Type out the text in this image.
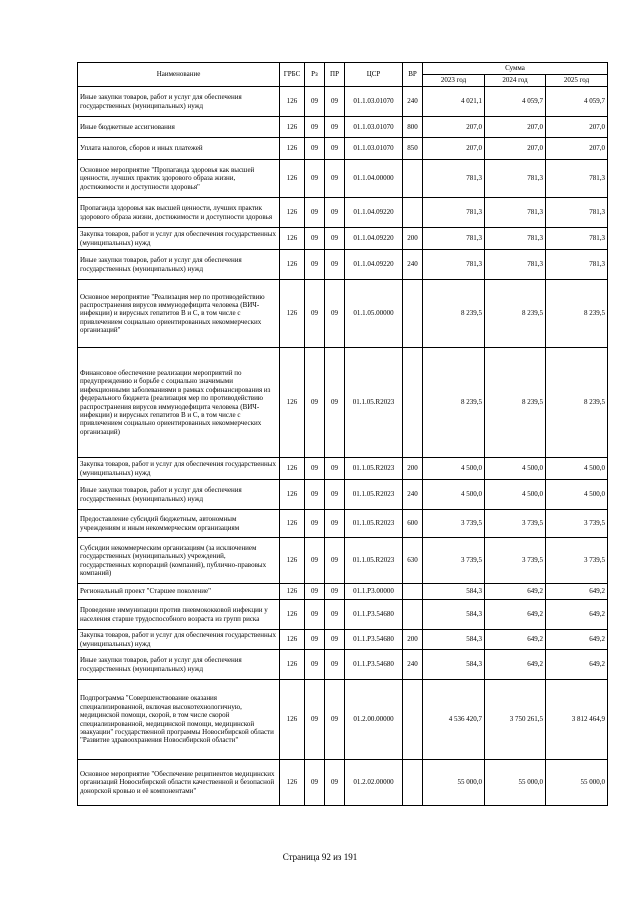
Наименование	ГРБС	Рз	ПР	ЦСР	ВР	Сумма		
						2023 год	2024 год	2025 год
Иные закупки товаров, работ и услуг для обеспечения государственных (муниципальных) нужд	126	09	09	01.1.03.01070	240	4 021,1	4 059,7	4 059,7
Иные бюджетные ассигнования	126	09	09	01.1.03.01070	800	207,0	207,0	207,0
Уплата налогов, сборов и иных платежей	126	09	09	01.1.03.01070	850	207,0	207,0	207,0
Основное мероприятие "Пропаганда здоровья как высшей ценности, лучших практик здорового образа жизни, достижимости и доступности здоровья"	126	09	09	01.1.04.00000		781,3	781,3	781,3
Пропаганда здоровья как высшей ценности, лучших практик здорового образа жизни, достижимости и доступности здоровья	126	09	09	01.1.04.09220		781,3	781,3	781,3
Закупка товаров, работ и услуг для обеспечения государственных (муниципальных) нужд	126	09	09	01.1.04.09220	200	781,3	781,3	781,3
Иные закупки товаров, работ и услуг для обеспечения государственных (муниципальных) нужд	126	09	09	01.1.04.09220	240	781,3	781,3	781,3
Основное мероприятие "Реализация мер по противодействию распространения вирусов иммунодефицита человека (ВИЧ-инфекции) и вирусных гепатитов В и С, в том числе с привлечением социально ориентированных некоммерческих организаций"	126	09	09	01.1.05.00000		8 239,5	8 239,5	8 239,5
Финансовое обеспечение реализации мероприятий по предупреждению и борьбе с социально значимыми инфекционными заболеваниями в рамках софинансирования из федерального бюджета (реализация мер по противодействию распространения вирусов иммунодефицита человека (ВИЧ-инфекции) и вирусных гепатитов В и С, в том числе с привлечением социально ориентированных некоммерческих организаций)	126	09	09	01.1.05.R2023		8 239,5	8 239,5	8 239,5
Закупка товаров, работ и услуг для обеспечения государственных (муниципальных) нужд	126	09	09	01.1.05.R2023	200	4 500,0	4 500,0	4 500,0
Иные закупки товаров, работ и услуг для обеспечения государственных (муниципальных) нужд	126	09	09	01.1.05.R2023	240	4 500,0	4 500,0	4 500,0
Предоставление субсидий бюджетным, автономным учреждениям и иным некоммерческим организациям	126	09	09	01.1.05.R2023	600	3 739,5	3 739,5	3 739,5
Субсидии некоммерческим организациям (за исключением государственных (муниципальных) учреждений, государственных корпораций (компаний), публично-правовых компаний)	126	09	09	01.1.05.R2023	630	3 739,5	3 739,5	3 739,5
Региональный проект "Старшее поколение"	126	09	09	01.1.P3.00000		584,3	649,2	649,2
Проведение иммунизации против пневмококковой инфекции у населения старше трудоспособного возраста из групп риска	126	09	09	01.1.P3.54680		584,3	649,2	649,2
Закупка товаров, работ и услуг для обеспечения государственных (муниципальных) нужд	126	09	09	01.1.P3.54680	200	584,3	649,2	649,2
Иные закупки товаров, работ и услуг для обеспечения государственных (муниципальных) нужд	126	09	09	01.1.P3.54680	240	584,3	649,2	649,2
Подпрограмма "Совершенствование оказания специализированной, включая высокотехнологичную, медицинской помощи, скорой, в том числе скорой специализированной, медицинской помощи, медицинской эвакуации" государственной программы Новосибирской области "Развитие здравоохранения Новосибирской области"	126	09	09	01.2.00.00000		4 536 420,7	3 750 261,5	3 812 464,9
Основное мероприятие "Обеспечение реципиентов медицинских организаций Новосибирской области качественной и безопасной донорской кровью и её компонентами"	126	09	09	01.2.02.00000		55 000,0	55 000,0	55 000,0
Страница 92 из 191
